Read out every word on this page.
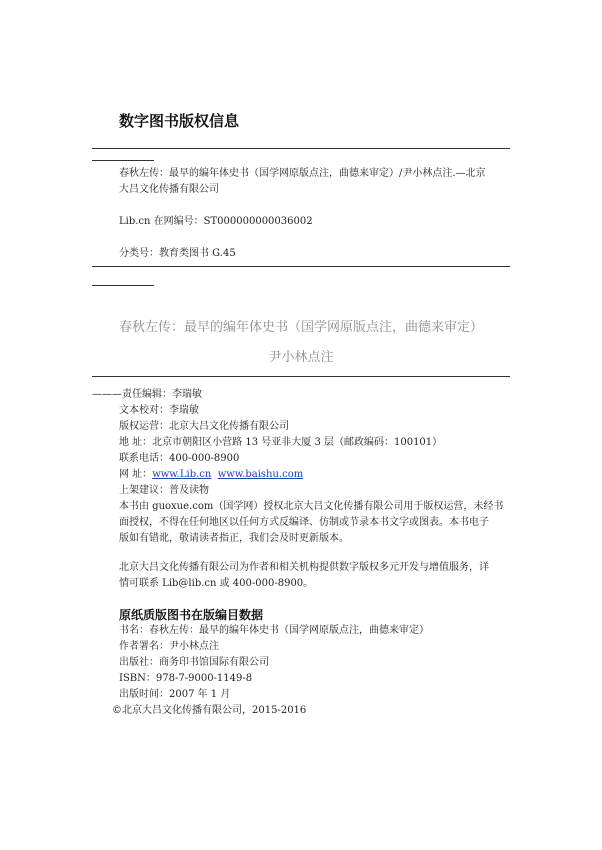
数字图书版权信息
春秋左传：最早的编年体史书（国学网原版点注，曲德来审定）/尹小林点注.—北京
大吕文化传播有限公司
Lib.cn 在网编号：ST000000000036002
分类号：教育类图书 G.45
春秋左传：最早的编年体史书（国学网原版点注，曲德来审定）
尹小林点注
———责任编辑：李瑞敏
文本校对：李瑞敏
版权运营：北京大吕文化传播有限公司
地 址：北京市朝阳区小营路 13 号亚非大厦 3 层（邮政编码：100101）
联系电话：400-000-8900
网 址：www.Lib.cn www.baishu.com
上架建议：普及读物
本书由 guoxue.com（国学网）授权北京大吕文化传播有限公司用于版权运营，未经书
面授权，不得在任何地区以任何方式反编译、仿制或节录本书文字或图表。本书电子
版如有错讹，敬请读者指正，我们会及时更新版本。
北京大吕文化传播有限公司为作者和相关机构提供数字版权多元开发与增值服务，详
情可联系 Lib@lib.cn 或 400-000-8900。
原纸质版图书在版编目数据
书名：春秋左传：最早的编年体史书（国学网原版点注，曲德来审定）
作者署名：尹小林点注
出版社：商务印书馆国际有限公司
ISBN：978-7-9000-1149-8
出版时间：2007 年 1 月
©北京大吕文化传播有限公司，2015-2016
